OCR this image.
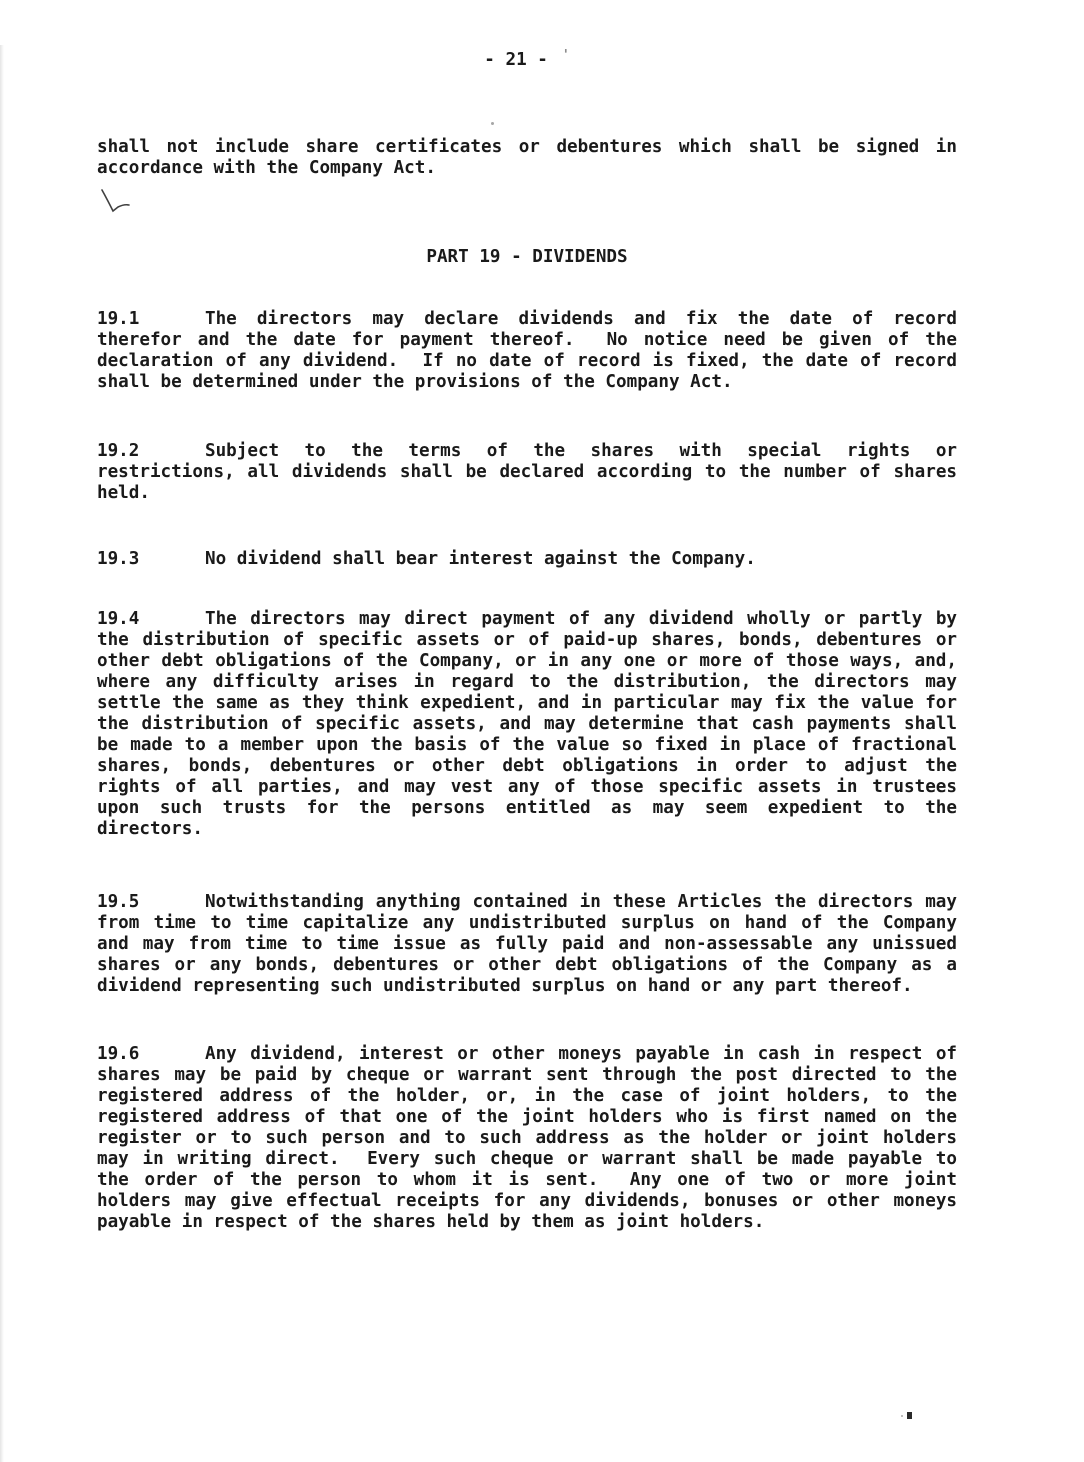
- 21 - '
shall not include share certificates or debentures which shall be signed in
accordance with the Company Act.
PART 19 - DIVIDENDS
19.1	The directors may declare dividends and fix the date of record
therefor and the date for payment thereof.  No notice need be given of the
declaration of any dividend.  If no date of record is fixed, the date of record
shall be determined under the provisions of the Company Act.
19.2	Subject to the terms of the shares with special rights or
restrictions, all dividends shall be declared according to the number of shares
held.
19.3	No dividend shall bear interest against the Company.
19.4	The directors may direct payment of any dividend wholly or partly by
the distribution of specific assets or of paid-up shares, bonds, debentures or
other debt obligations of the Company, or in any one or more of those ways, and,
where any difficulty arises in regard to the distribution, the directors may
settle the same as they think expedient, and in particular may fix the value for
the distribution of specific assets, and may determine that cash payments shall
be made to a member upon the basis of the value so fixed in place of fractional
shares, bonds, debentures or other debt obligations in order to adjust the
rights of all parties, and may vest any of those specific assets in trustees
upon such trusts for the persons entitled as may seem expedient to the
directors.
19.5	Notwithstanding anything contained in these Articles the directors may
from time to time capitalize any undistributed surplus on hand of the Company
and may from time to time issue as fully paid and non-assessable any unissued
shares or any bonds, debentures or other debt obligations of the Company as a
dividend representing such undistributed surplus on hand or any part thereof.
19.6	Any dividend, interest or other moneys payable in cash in respect of
shares may be paid by cheque or warrant sent through the post directed to the
registered address of the holder, or, in the case of joint holders, to the
registered address of that one of the joint holders who is first named on the
register or to such person and to such address as the holder or joint holders
may in writing direct.  Every such cheque or warrant shall be made payable to
the order of the person to whom it is sent.  Any one of two or more joint
holders may give effectual receipts for any dividends, bonuses or other moneys
payable in respect of the shares held by them as joint holders.
